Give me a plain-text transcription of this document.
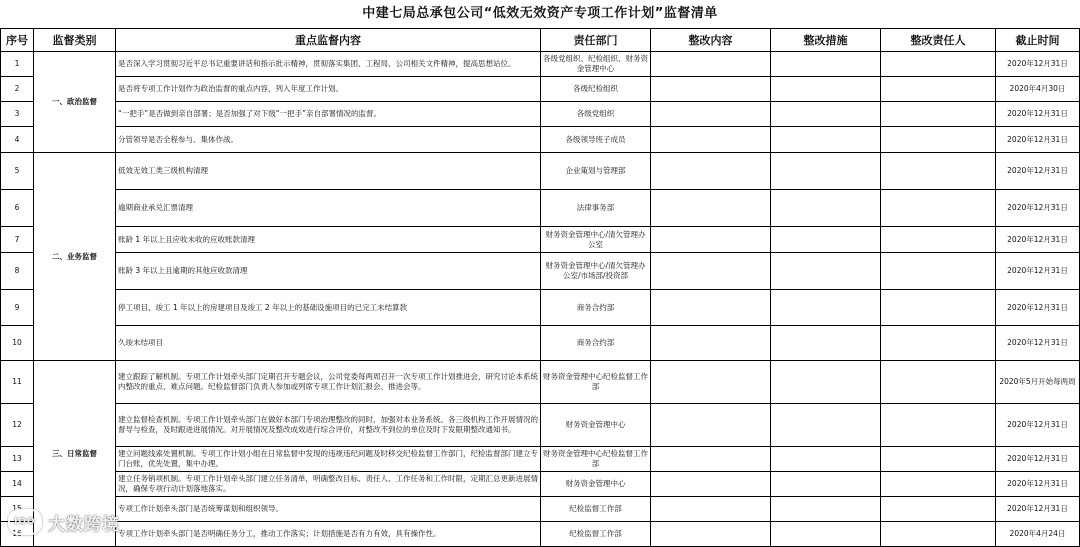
中建七局总承包公司“低效无效资产专项工作计划”监督清单
序号	监督类别	重点监督内容	责任部门	整改内容	整改措施	整改责任人	截止时间
1	一、政治监督	是否深入学习贯彻习近平总书记重要讲话和指示批示精神，贯彻落实集团、工程局、公司相关文件精神，提高思想站位。	各级党组织、纪检组织、财务资金管理中心				2020年12月31日
2		是否将专项工作计划作为政治监督的重点内容，列入年度工作计划。	各级纪检组织				2020年4月30日
3		“一把手”是否做到亲自部署；是否加强了对下级“一把手”亲自部署情况的监督。	各级党组织				2020年12月31日
4		分管领导是否全程参与、集体作战。	各级领导班子成员				2020年12月31日
5	二、业务监督	低效无效工类三级机构清理	企业策划与管理部				2020年12月31日
6		逾期商业承兑汇票清理	法律事务部				2020年12月31日
7		账龄 1 年以上且应收未收的应收账款清理	财务资金管理中心/清欠管理办公室				2020年12月31日
8		账龄 3 年以上且逾期的其他应收款清理	财务资金管理中心/清欠管理办公室/市场部/投资部				2020年12月31日
9		停工项目、竣工 1 年以上的房建项目及竣工 2 年以上的基础设施项目的已完工未结算款	商务合约部				2020年12月31日
10		久竣未结项目	商务合约部				2020年12月31日
11	三、日常监督	建立跟踪了解机制。专项工作计划牵头部门定期召开专题会议，公司党委每两周召开一次专项工作计划推进会，研究讨论本系统内整改的重点、难点问题。纪检监督部门负责人参加或列席专项工作计划汇报会、推进会等。	财务资金管理中心纪检监督工作部				2020年5月开始每两周
12		建立监督检查机制。专项工作计划牵头部门在做好本部门专项治理整改的同时，加强对本业务系统、各三级机构工作开展情况的督导与检查，及时跟进进展情况。对开展情况及整改成效进行综合评价，对整改不到位的单位及时下发限期整改通知书。	财务资金管理中心				2020年12月31日
13		建立问题线索处置机制。专项工作计划小组在日常监督中发现的违规违纪问题及时移交纪检监督工作部门，纪检监督部门建立专门台账，优先处置，集中办理。	财务资金管理中心纪检监督工作部				2020年12月31日
14		建立任务销项机制。专项工作计划牵头部门建立任务清单，明确整改目标、责任人、工作任务和工作时限，定期汇总更新进展情况，确保专项行动计划落地落实。	财务资金管理中心				2020年12月31日
15		专项工作计划牵头部门是否统筹谋划和组织领导。	纪检监督工作部				2020年12月31日
16		专项工作计划牵头部门是否明确任务分工，推动工作落实；计划措施是否有力有效，具有操作性。	纪检监督工作部				2020年4月24日
lOO 大数跨境
